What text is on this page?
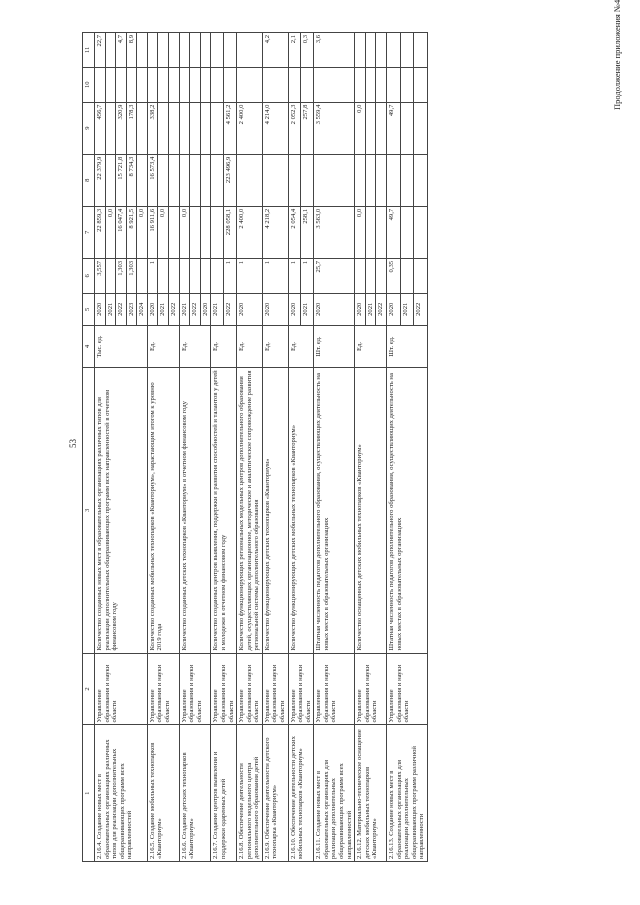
53
Продолжение приложения №4
1	2	3	4	5	6	7	8	9	10	11
2.16.4. Создание новых мест в образовательных организациях различных типов для реализации дополнительных общеразвивающих программ всех направленностей	Управление образования и науки области	Количество созданных новых мест в образовательных организациях различных типов для реализации дополнительных общеразвивающих программ всех направленностей в отчетном финансовом году	Тыс. ед.	2020	3,557	22 859,3	22 379,9	456,7		22,7
				2021		0,0				
				2022	1,303	16 047,4	15 721,8	320,9		4,7
				2023	1,303	8 921,5	8 734,3	178,3		8,9
				2024		0,0				
2.16.5. Создание мобильных технопарков «Кванториум»	Управление образования и науки области	Количество созданных мобильных технопарков «Кванториум», нарастающим итогом к уровню 2019 года	Ед.	2020	1	16 911,6	16 573,4	338,2		
				2021		0,0				
				2022						
2.16.6. Создание детских технопарков «Кванториум»	Управление образования и науки области	Количество созданных детских технопарков «Кванториум» в отчетном финансовом году	Ед.	2021		0,0				
				2022						
				2020						
2.16.7. Создание центров выявления и поддержки одаренных детей	Управление образования и науки области	Количество созданных центров выявления, поддержки и развития способностей и талантов у детей и молодежи в отчетном финансовом году	Ед.	2021						
				2022	1	228 058,1	223 496,9	4 561,2		
2.16.8. Обеспечение деятельности регионального модельного центра дополнительного образования детей	Управление образования и науки области	Количество функционирующих региональных модельных центров дополнительного образования детей, осуществляющих организационное, методическое и аналитическое сопровождение развития региональной системы дополнительного образования	Ед.	2020	1	2 400,0		2 400,0		
2.16.9. Обеспечение деятельности детского технопарка «Кванториум»	Управление образования и науки области	Количество функционирующих детских технопарков «Кванториум»	Ед.	2020	1	4 218,2		4 214,0		4,2
2.16.10. Обеспечение деятельности детских мобильных технопарков «Кванториум»	Управление образования и науки области	Количество функционирующих детских мобильных технопарков «Кванториум»	Ед.	2020	1	2 054,4		2 052,3		2,1
				2021	1	258,1		257,8		0,3
2.16.11. Создание новых мест в образовательных организациях для реализации дополнительных общеразвивающих программ всех направленностей	Управление образования и науки области	Штатная численность педагогов дополнительного образования, осуществляющих деятельность на новых местах в образовательных организациях	Шт. ед.	2020	25,7	3 563,0		3 559,4		3,6
2.16.12. Материально-техническое оснащение детских мобильных технопарков «Кванториум»	Управление образования и науки области	Количество оснащенных детских мобильных технопарков «Кванториум»	Ед.	2020		0,0		0,0		
				2021						
				2022						
2.16.13. Создание новых мест в образовательных организациях для реализации дополнительных общеразвивающих программ различной направленности	Управление образования и науки области	Штатная численность педагогов дополнительного образования, осуществляющих деятельность на новых местах в образовательных организациях	Шт. ед.	2020	0,35	49,7		49,7		
				2021						
				2022						
